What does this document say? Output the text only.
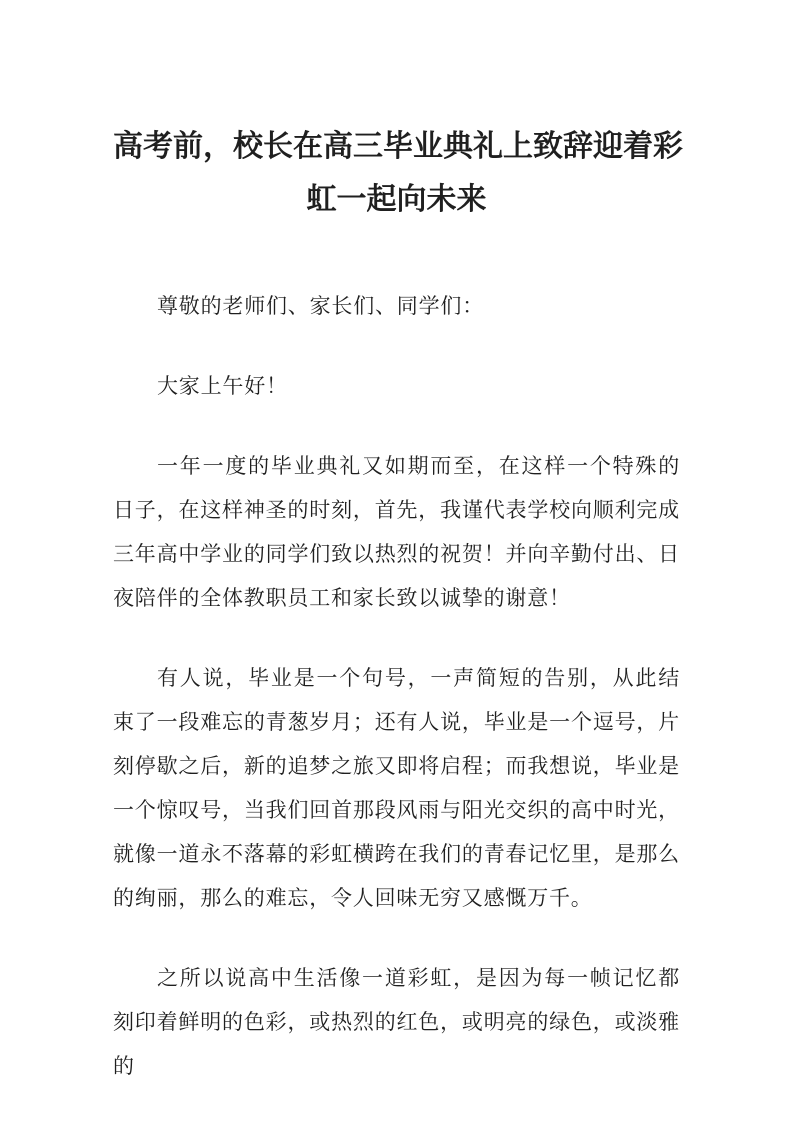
高考前，校长在高三毕业典礼上致辞迎着彩
虹一起向未来

尊敬的老师们、家长们、同学们：

大家上午好！

一年一度的毕业典礼又如期而至，在这样一个特殊的日子，在这样神圣的时刻，首先，我谨代表学校向顺利完成三年高中学业的同学们致以热烈的祝贺！并向辛勤付出、日夜陪伴的全体教职员工和家长致以诚挚的谢意！

有人说，毕业是一个句号，一声简短的告别，从此结束了一段难忘的青葱岁月；还有人说，毕业是一个逗号，片刻停歇之后，新的追梦之旅又即将启程；而我想说，毕业是一个惊叹号，当我们回首那段风雨与阳光交织的高中时光，就像一道永不落幕的彩虹横跨在我们的青春记忆里，是那么的绚丽，那么的难忘，令人回味无穷又感慨万千。

之所以说高中生活像一道彩虹，是因为每一帧记忆都刻印着鲜明的色彩，或热烈的红色，或明亮的绿色，或淡雅的
